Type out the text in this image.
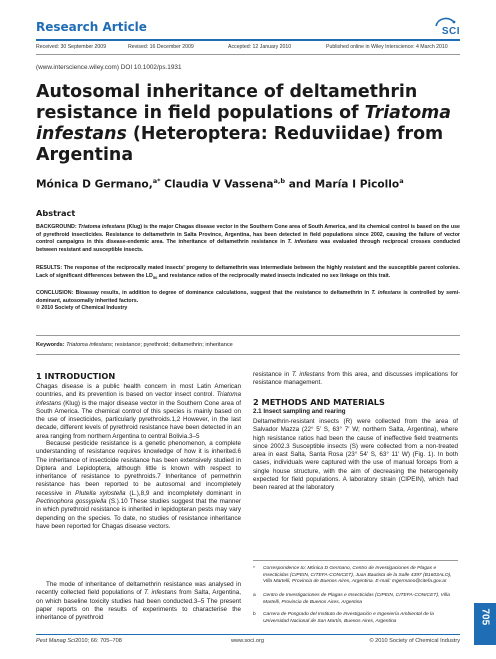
Research Article	SCI
Received: 30 September 2009	Revised: 16 December 2009	Accepted: 12 January 2010	Published online in Wiley Interscience: 4 March 2010
(www.interscience.wiley.com) DOI 10.1002/ps.1931
Autosomal inheritance of deltamethrin resistance in field populations of Triatoma infestans (Heteroptera: Reduviidae) from Argentina
Mónica D Germano,$^{a*}$ Claudia V Vassena$^{a,b}$ and María I Picollo$^a$
Abstract
BACKGROUND: Triatoma infestans (Klug) is the major Chagas disease vector in the Southern Cone area of South America, and its chemical control is based on the use of pyrethroid insecticides. Resistance to deltamethrin in Salta Province, Argentina, has been detected in field populations since 2002, causing the failure of vector control campaigns in this disease-endemic area. The inheritance of deltamethrin resistance in T. infestans was evaluated through reciprocal crosses conducted between resistant and susceptible insects.
RESULTS: The response of the reciprocally mated insects' progeny to deltamethrin was intermediate between the highly resistant and the susceptible parent colonies. Lack of significant differences between the $LD_{50}$ and resistance ratios of the reciprocally mated insects indicated no sex linkage on this trait.
CONCLUSION: Bioassay results, in addition to degree of dominance calculations, suggest that the resistance to deltamethrin in T. infestans is controlled by semi-dominant, autosomally inherited factors.
© 2010 Society of Chemical Industry
Keywords: Triatoma infestans; resistance; pyrethroid; deltamethrin; inheritance
1 INTRODUCTION
Chagas disease is a public health concern in most Latin American countries, and its prevention is based on vector insect control. Triatoma infestans (Klug) is the major disease vector in the Southern Cone area of South America. The chemical control of this species is mainly based on the use of insecticides, particularly pyrethroids.1,2 However, in the last decade, different levels of pyrethroid resistance have been detected in an area ranging from northern Argentina to central Bolivia.3–5
Because pesticide resistance is a genetic phenomenon, a complete understanding of resistance requires knowledge of how it is inherited.6 The inheritance of insecticide resistance has been extensively studied in Diptera and Lepidoptera, although little is known with respect to inheritance of resistance to pyrethroids.7 Inheritance of permethrin resistance has been reported to be autosomal and incompletely recessive in Plutella xylostella (L.),8,9 and incompletely dominant in Pectinophora gossypiella (S.).10 These studies suggest that the manner in which pyrethroid resistance is inherited in lepidopteran pests may vary depending on the species. To date, no studies of resistance inheritance have been reported for Chagas disease vectors.
The mode of inheritance of deltamethrin resistance was analysed in recently collected field populations of T. infestans from Salta, Argentina, on which baseline toxicity studies had been conducted.3–5 The present paper reports on the results of experiments to characterise the inheritance of pyrethroid
resistance in T. infestans from this area, and discusses implications for resistance management.
2 METHODS AND MATERIALS
2.1 Insect sampling and rearing
Deltamethrin-resistant insects (R) were collected from the area of Salvador Mazza (22° 5′ S, 63° 7′ W; northern Salta, Argentina), where high resistance ratios had been the cause of ineffective field treatments since 2002.3 Susceptible insects (S) were collected from a non-treated area in east Salta, Santa Rosa (23° 54′ S, 63° 11′ W) (Fig. 1). In both cases, individuals were captured with the use of manual forceps from a single house structure, with the aim of decreasing the heterogeneity expected for field populations. A laboratory strain (CIPEIN), which had been reared at the laboratory
* Correspondence to: Mónica D Germano, Centro de Investigaciones de Plagas e Insecticidas (CIPEIN, CITEFA-CONICET), Juan Bautista de la Salle 4397 (B1603ALO), Villa Martelli, Provincia de Buenos Aires, Argentina. E-mail: mgermano@citefa.gov.ar
a Centro de Investigaciones de Plagas e Insecticidas (CIPEIN, CITEFA-CONICET), Villa Martelli, Provincia de Buenos Aires, Argentina
b Carrera de Posgrado del Instituto de Investigación e Ingeniería Ambiental de la Universidad Nacional de San Martín, Buenos Aires, Argentina	705
Pest Manag Sci 2010; 66: 705–708	www.soci.org	© 2010 Society of Chemical Industry
